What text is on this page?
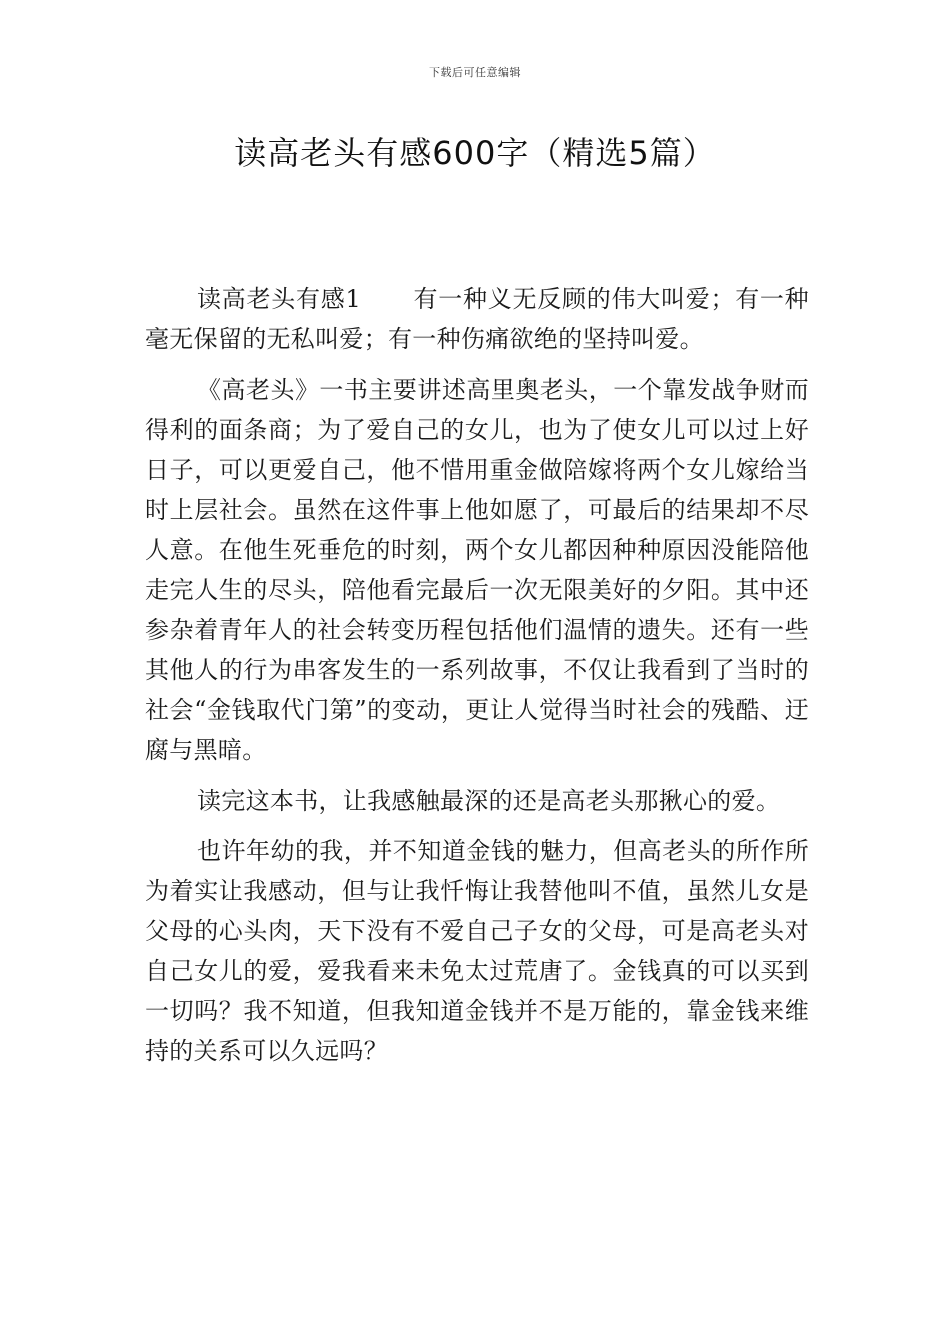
下载后可任意编辑
读高老头有感600字（精选5篇）

读高老头有感1 有一种义无反顾的伟大叫爱；有一种毫无保留的无私叫爱；有一种伤痛欲绝的坚持叫爱。

《高老头》一书主要讲述高里奥老头，一个靠发战争财而得利的面条商；为了爱自己的女儿，也为了使女儿可以过上好日子，可以更爱自己，他不惜用重金做陪嫁将两个女儿嫁给当时上层社会。虽然在这件事上他如愿了，可最后的结果却不尽人意。在他生死垂危的时刻，两个女儿都因种种原因没能陪他走完人生的尽头，陪他看完最后一次无限美好的夕阳。其中还参杂着青年人的社会转变历程包括他们温情的遗失。还有一些其他人的行为串客发生的一系列故事，不仅让我看到了当时的社会“金钱取代门第”的变动，更让人觉得当时社会的残酷、迂腐与黑暗。

读完这本书，让我感触最深的还是高老头那揪心的爱。

也许年幼的我，并不知道金钱的魅力，但高老头的所作所为着实让我感动，但与让我忏悔让我替他叫不值，虽然儿女是父母的心头肉，天下没有不爱自己子女的父母，可是高老头对自己女儿的爱，爱我看来未免太过荒唐了。金钱真的可以买到一切吗？我不知道，但我知道金钱并不是万能的，靠金钱来维持的关系可以久远吗？
